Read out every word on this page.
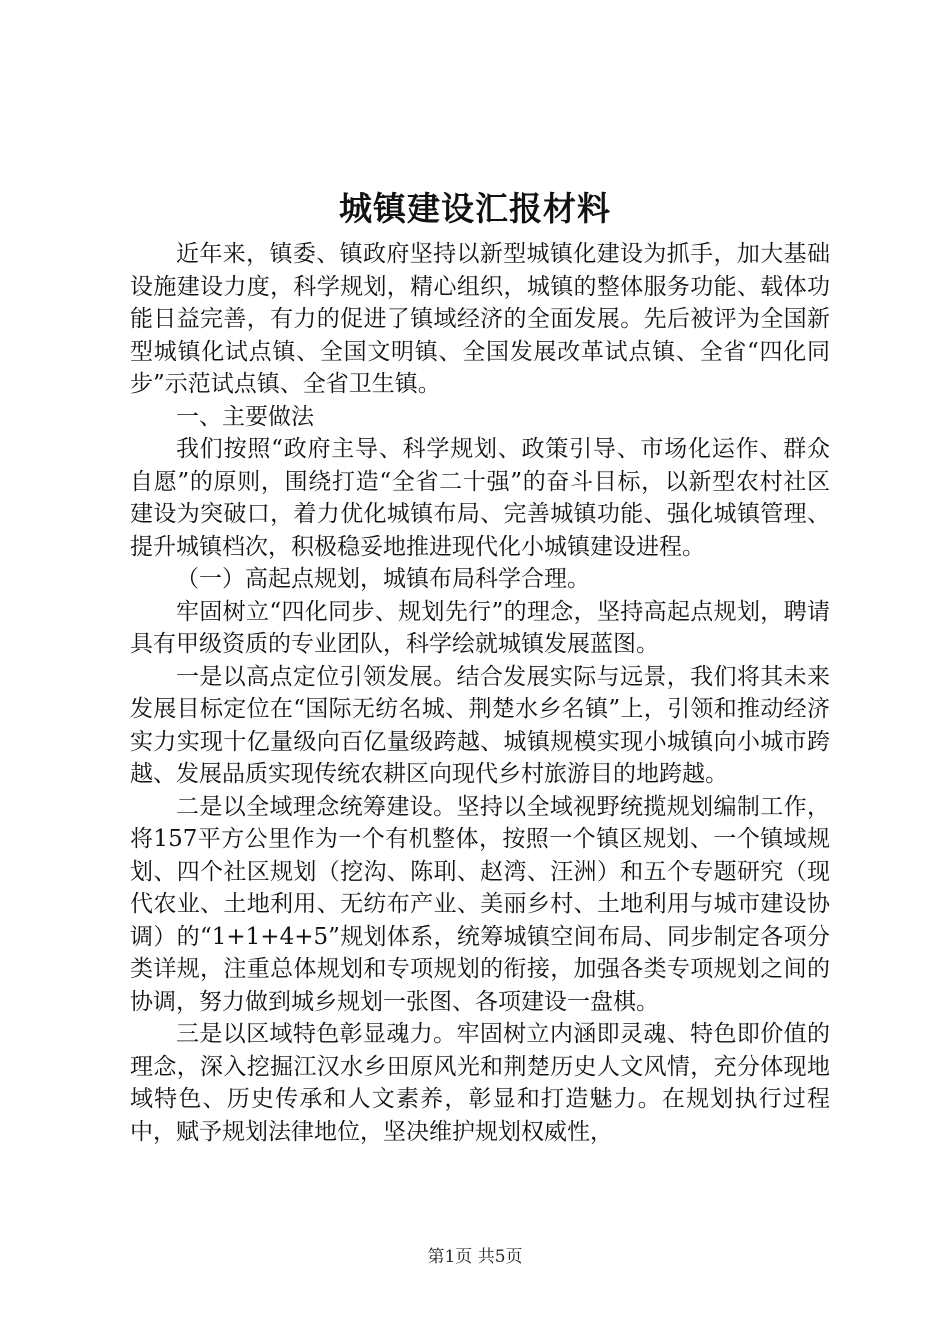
城镇建设汇报材料

近年来，镇委、镇政府坚持以新型城镇化建设为抓手，加大基础设施建设力度，科学规划，精心组织，城镇的整体服务功能、载体功能日益完善，有力的促进了镇域经济的全面发展。先后被评为全国新型城镇化试点镇、全国文明镇、全国发展改革试点镇、全省“四化同步”示范试点镇、全省卫生镇。

一、主要做法

我们按照“政府主导、科学规划、政策引导、市场化运作、群众自愿”的原则，围绕打造“全省二十强”的奋斗目标，以新型农村社区建设为突破口，着力优化城镇布局、完善城镇功能、强化城镇管理、提升城镇档次，积极稳妥地推进现代化小城镇建设进程。

（一）高起点规划，城镇布局科学合理。

牢固树立“四化同步、规划先行”的理念，坚持高起点规划，聘请具有甲级资质的专业团队，科学绘就城镇发展蓝图。

一是以高点定位引领发展。结合发展实际与远景，我们将其未来发展目标定位在“国际无纺名城、荆楚水乡名镇”上，引领和推动经济实力实现十亿量级向百亿量级跨越、城镇规模实现小城镇向小城市跨越、发展品质实现传统农耕区向现代乡村旅游目的地跨越。

二是以全域理念统筹建设。坚持以全域视野统揽规划编制工作，将157平方公里作为一个有机整体，按照一个镇区规划、一个镇域规划、四个社区规划（挖沟、陈刵、赵湾、汪洲）和五个专题研究（现代农业、土地利用、无纺布产业、美丽乡村、土地利用与城市建设协调）的“1+1+4+5”规划体系，统筹城镇空间布局、同步制定各项分类详规，注重总体规划和专项规划的衔接，加强各类专项规划之间的协调，努力做到城乡规划一张图、各项建设一盘棋。

三是以区域特色彰显魂力。牢固树立内涵即灵魂、特色即价值的理念，深入挖掘江汉水乡田原风光和荆楚历史人文风情，充分体现地域特色、历史传承和人文素养，彰显和打造魅力。在规划执行过程中，赋予规划法律地位，坚决维护规划权威性，

第1页 共5页
